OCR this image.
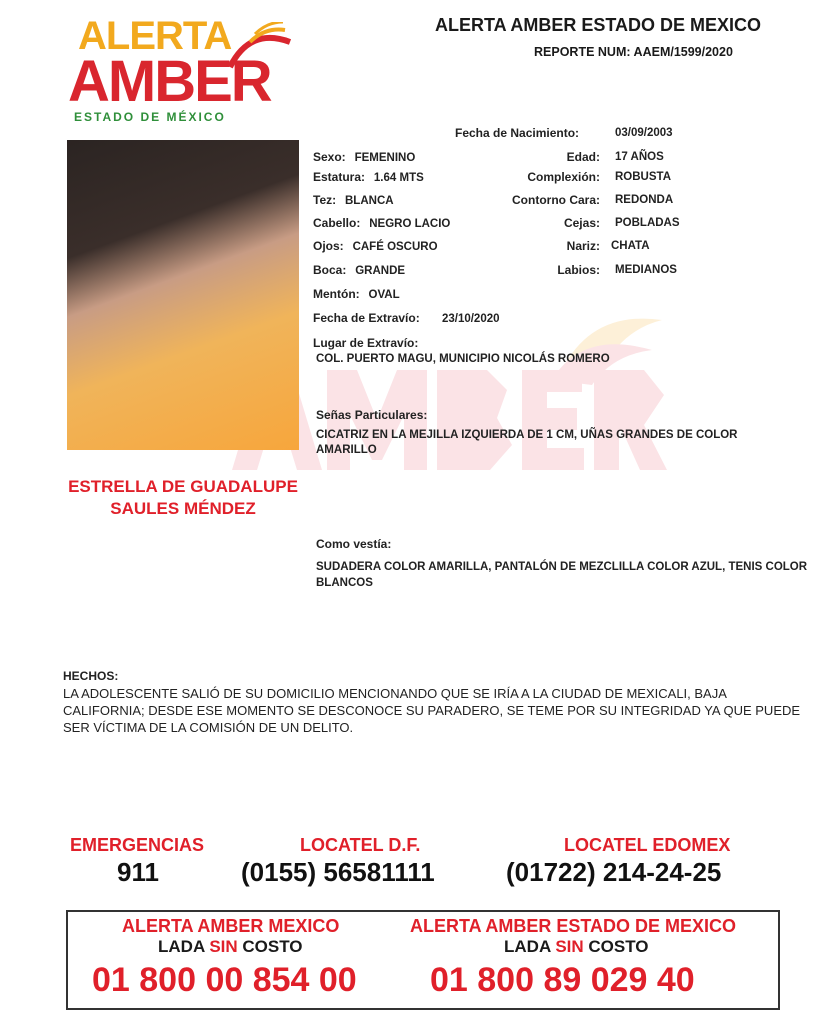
ALERTA
AMBER
ESTADO DE MÉXICO
ALERTA AMBER ESTADO DE MEXICO
REPORTE NUM: AAEM/1599/2020
ESTRELLA DE GUADALUPE SAULES MÉNDEZ
Fecha de Nacimiento:	03/09/2003
Sexo: FEMENINO	Edad: 17 AÑOS
Estatura: 1.64 MTS	Complexión: ROBUSTA
Tez: BLANCA	Contorno Cara: REDONDA
Cabello: NEGRO LACIO	Cejas: POBLADAS
Ojos: CAFÉ OSCURO	Nariz: CHATA
Boca: GRANDE	Labios: MEDIANOS
Mentón: OVAL
Fecha de Extravío: 23/10/2020
Lugar de Extravío:
COL. PUERTO MAGU, MUNICIPIO NICOLÁS ROMERO
Señas Particulares:
CICATRIZ EN LA MEJILLA IZQUIERDA DE 1 CM, UÑAS GRANDES DE COLOR AMARILLO
Como vestía:
SUDADERA COLOR AMARILLA, PANTALÓN DE MEZCLILLA COLOR AZUL, TENIS COLOR BLANCOS
HECHOS:
LA ADOLESCENTE SALIÓ DE SU DOMICILIO MENCIONANDO QUE SE IRÍA A LA CIUDAD DE MEXICALI, BAJA CALIFORNIA; DESDE ESE MOMENTO SE DESCONOCE SU PARADERO, SE TEME POR SU INTEGRIDAD YA QUE PUEDE SER VÍCTIMA DE LA COMISIÓN DE UN DELITO.
EMERGENCIAS
911
LOCATEL D.F.
(0155) 56581111
LOCATEL EDOMEX
(01722) 214-24-25
ALERTA AMBER MEXICO
LADA SIN COSTO
01 800 00 854 00
ALERTA AMBER ESTADO DE MEXICO
LADA SIN COSTO
01 800 89 029 40
